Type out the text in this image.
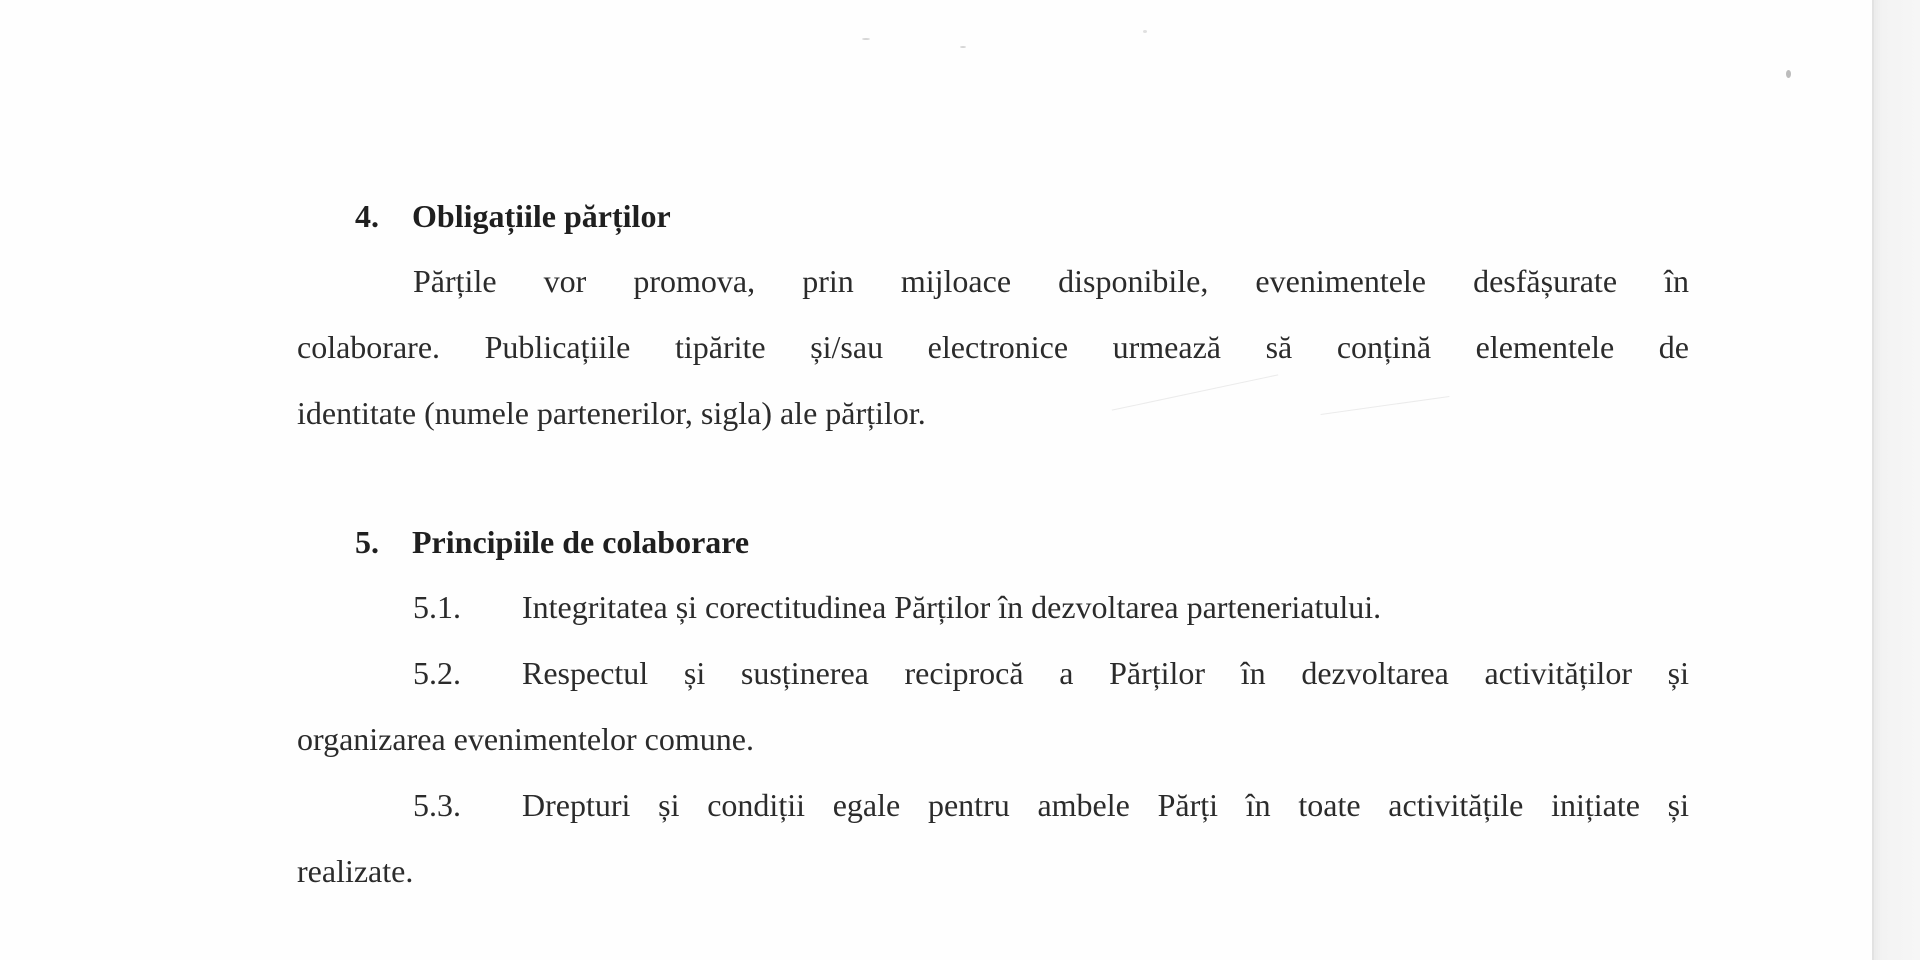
4. Obligațiile părților
Părțile vor promova, prin mijloace disponibile, evenimentele desfășurate în
colaborare. Publicațiile tipărite și/sau electronice urmează să conțină elementele de
identitate (numele partenerilor, sigla) ale părților.
5. Principiile de colaborare
5.1. Integritatea și corectitudinea Părților în dezvoltarea parteneriatului.
5.2. Respectul și susținerea reciprocă a Părților în dezvoltarea activităților și
organizarea evenimentelor comune.
5.3. Drepturi și condiții egale pentru ambele Părți în toate activitățile inițiate și
realizate.
